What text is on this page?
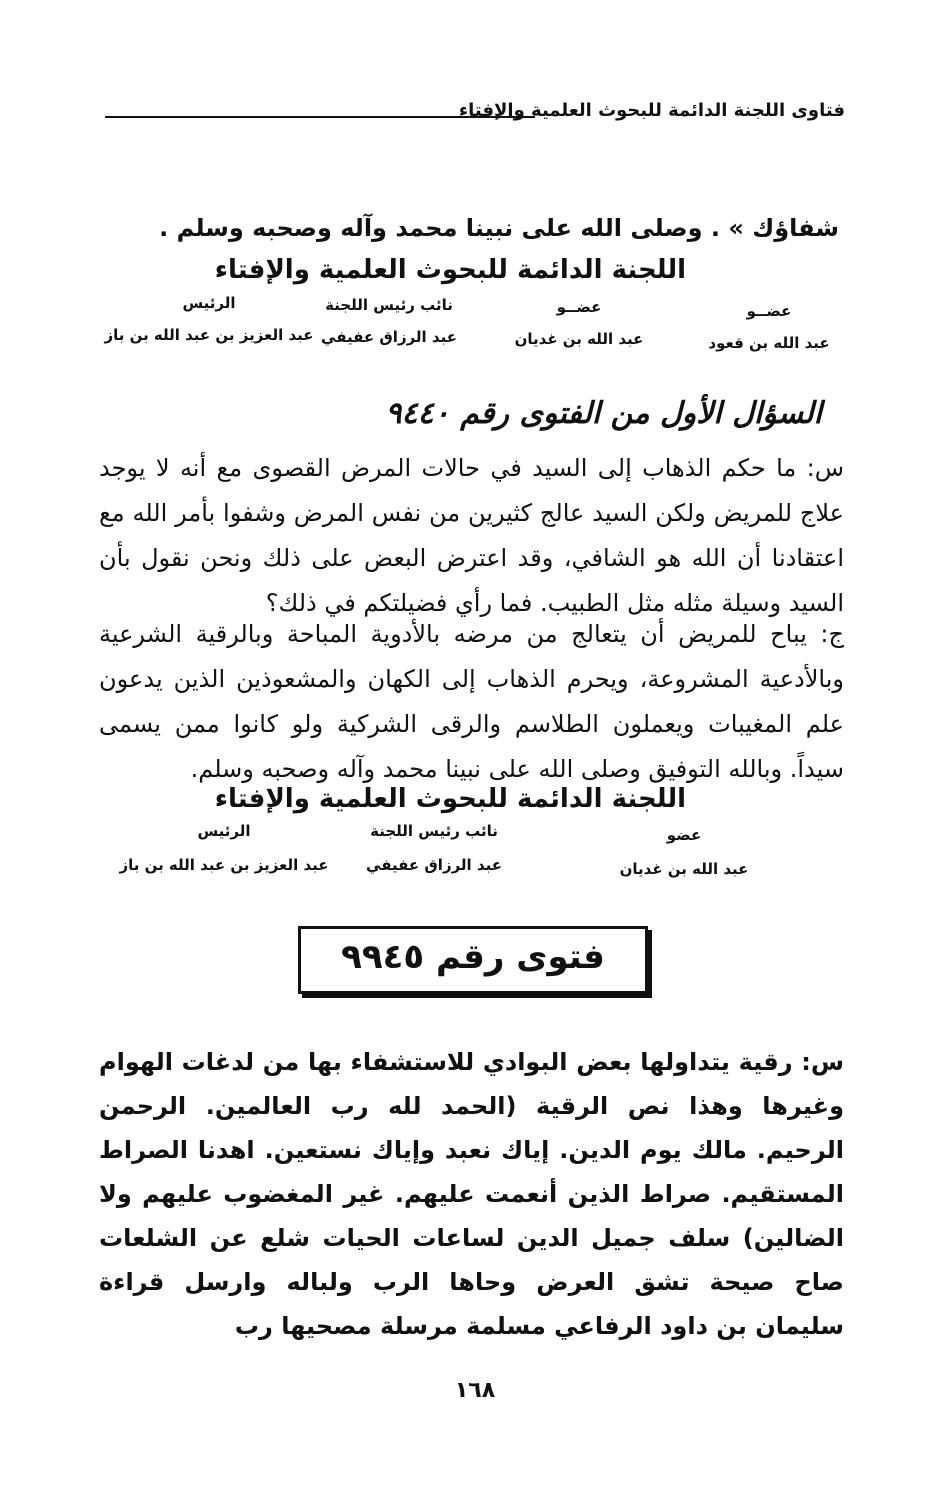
فتاوى اللجنة الدائمة للبحوث العلمية والإفتاء
شفاؤك » . وصلى الله على نبينا محمد وآله وصحبه وسلم .
اللجنة الدائمة للبحوث العلمية والإفتاء
عضــو
عبد الله بن قعود
عضــو
عبد الله بن غديان
نائب رئيس اللجنة
عبد الرزاق عفيفي
الرئيس
عبد العزيز بن عبد الله بن باز
السؤال الأول من الفتوى رقم ٩٤٤٠
س: ما حكم الذهاب إلى السيد في حالات المرض القصوى مع أنه لا يوجد علاج للمريض ولكن السيد عالج كثيرين من نفس المرض وشفوا بأمر الله مع اعتقادنا أن الله هو الشافي، وقد اعترض البعض على ذلك ونحن نقول بأن السيد وسيلة مثله مثل الطبيب. فما رأي فضيلتكم في ذلك؟
ج: يباح للمريض أن يتعالج من مرضه بالأدوية المباحة وبالرقية الشرعية وبالأدعية المشروعة، ويحرم الذهاب إلى الكهان والمشعوذين الذين يدعون علم المغيبات ويعملون الطلاسم والرقى الشركية ولو كانوا ممن يسمى سيداً. وبالله التوفيق وصلى الله على نبينا محمد وآله وصحبه وسلم.
اللجنة الدائمة للبحوث العلمية والإفتاء
عضو
عبد الله بن غديان
نائب رئيس اللجنة
عبد الرزاق عفيفي
الرئيس
عبد العزيز بن عبد الله بن باز
فتوى رقم ٩٩٤٥
س: رقية يتداولها بعض البوادي للاستشفاء بها من لدغات الهوام وغيرها وهذا نص الرقية (الحمد لله رب العالمين. الرحمن الرحيم. مالك يوم الدين. إياك نعبد وإياك نستعين. اهدنا الصراط المستقيم. صراط الذين أنعمت عليهم. غير المغضوب عليهم ولا الضالين) سلف جميل الدين لساعات الحيات شلع عن الشلعات صاح صيحة تشق العرض وحاها الرب ولباله وارسل قراءة سليمان بن داود الرفاعي مسلمة مرسلة مصحيها رب
١٦٨
